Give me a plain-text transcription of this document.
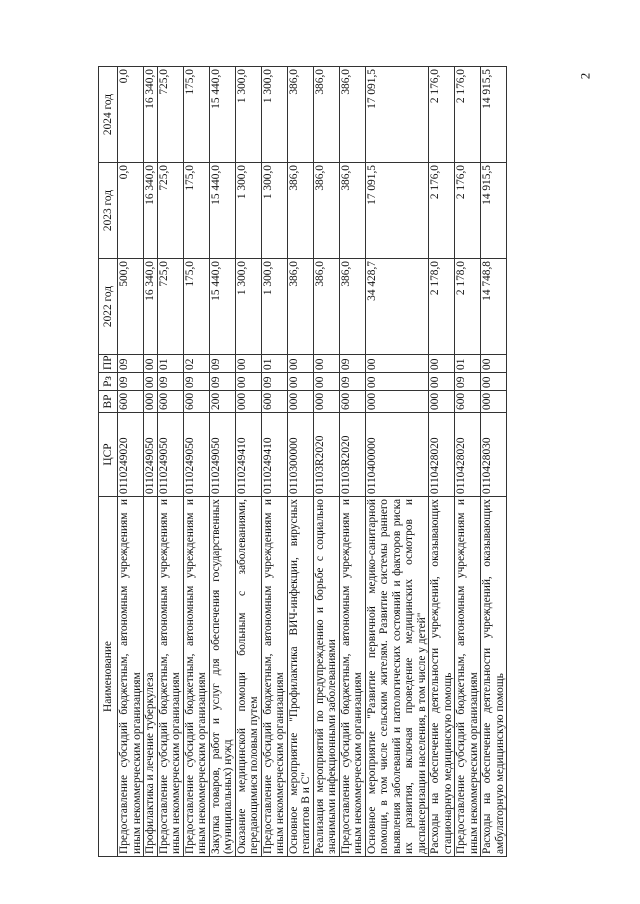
2
Наименование	ЦСР	ВР	Рз	ПР	2022 год	2023 год	2024 год
Предоставление субсидий бюджетным, автономным учреждениям и иным некоммерческим организациям	0110249020	600	09	09	500,0	0,0	0,0
Профилактика и лечение туберкулеза	0110249050	000	00	00	16 340,0	16 340,0	16 340,0
Предоставление субсидий бюджетным, автономным учреждениям и иным некоммерческим организациям	0110249050	600	09	01	725,0	725,0	725,0
Предоставление субсидий бюджетным, автономным учреждениям и иным некоммерческим организациям	0110249050	600	09	02	175,0	175,0	175,0
Закупка товаров, работ и услуг для обеспечения государственных (муниципальных) нужд	0110249050	200	09	09	15 440,0	15 440,0	15 440,0
Оказание медицинской помощи больным с заболеваниями, передающимися половым путем	0110249410	000	00	00	1 300,0	1 300,0	1 300,0
Предоставление субсидий бюджетным, автономным учреждениям и иным некоммерческим организациям	0110249410	600	09	01	1 300,0	1 300,0	1 300,0
Основное мероприятие "Профилактика ВИЧ-инфекции, вирусных гепатитов В и С"	0110300000	000	00	00	386,0	386,0	386,0
Реализация мероприятий по предупреждению и борьбе с социально значимыми инфекционными заболеваниями	01103R2020	000	00	00	386,0	386,0	386,0
Предоставление субсидий бюджетным, автономным учреждениям и иным некоммерческим организациям	01103R2020	600	09	09	386,0	386,0	386,0
Основное мероприятие "Развитие первичной медико-санитарной помощи, в том числе сельским жителям. Развитие системы раннего выявления заболеваний и патологических состояний и факторов риска их развития, включая проведение медицинских осмотров и диспансеризации населения, в том числе у детей"	0110400000	000	00	00	34 428,7	17 091,5	17 091,5
Расходы на обеспечение деятельности учреждений, оказывающих стационарную медицинскую помощь	0110428020	000	00	00	2 178,0	2 176,0	2 176,0
Предоставление субсидий бюджетным, автономным учреждениям и иным некоммерческим организациям	0110428020	600	09	01	2 178,0	2 176,0	2 176,0
Расходы на обеспечение деятельности учреждений, оказывающих амбулаторную медицинскую помощь	0110428030	000	00	00	14 748,8	14 915,5	14 915,5
